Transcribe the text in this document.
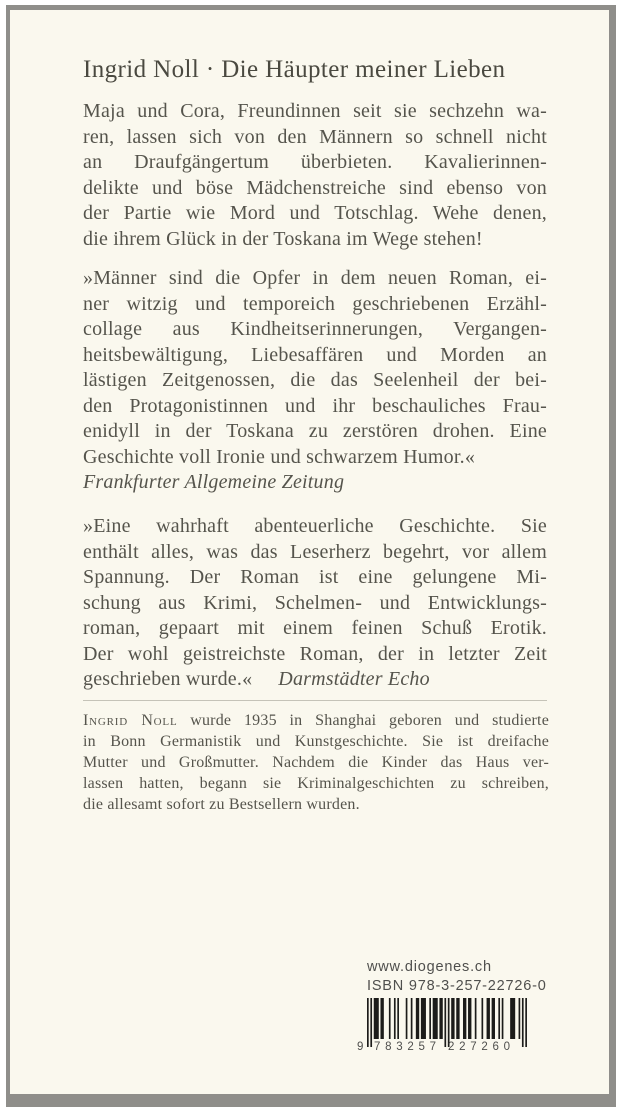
Ingrid Noll · Die Häupter meiner Lieben
Maja und Cora, Freundinnen seit sie sechzehn wa-
ren, lassen sich von den Männern so schnell nicht
an Draufgängertum überbieten. Kavalierinnen-
delikte und böse Mädchenstreiche sind ebenso von
der Partie wie Mord und Totschlag. Wehe denen,
die ihrem Glück in der Toskana im Wege stehen!
»Männer sind die Opfer in dem neuen Roman, ei-
ner witzig und temporeich geschriebenen Erzähl-
collage aus Kindheitserinnerungen, Vergangen-
heitsbewältigung, Liebesaffären und Morden an
lästigen Zeitgenossen, die das Seelenheil der bei-
den Protagonistinnen und ihr beschauliches Frau-
enidyll in der Toskana zu zerstören drohen. Eine
Geschichte voll Ironie und schwarzem Humor.«
Frankfurter Allgemeine Zeitung
»Eine wahrhaft abenteuerliche Geschichte. Sie
enthält alles, was das Leserherz begehrt, vor allem
Spannung. Der Roman ist eine gelungene Mi-
schung aus Krimi, Schelmen- und Entwicklungs-
roman, gepaart mit einem feinen Schuß Erotik.
Der wohl geistreichste Roman, der in letzter Zeit
geschrieben wurde.« Darmstädter Echo
Ingrid Noll wurde 1935 in Shanghai geboren und studierte
in Bonn Germanistik und Kunstgeschichte. Sie ist dreifache
Mutter und Großmutter. Nachdem die Kinder das Haus ver-
lassen hatten, begann sie Kriminalgeschichten zu schreiben,
die allesamt sofort zu Bestsellern wurden.
www.diogenes.ch
ISBN 978-3-257-22726-0
9 783257 227260
